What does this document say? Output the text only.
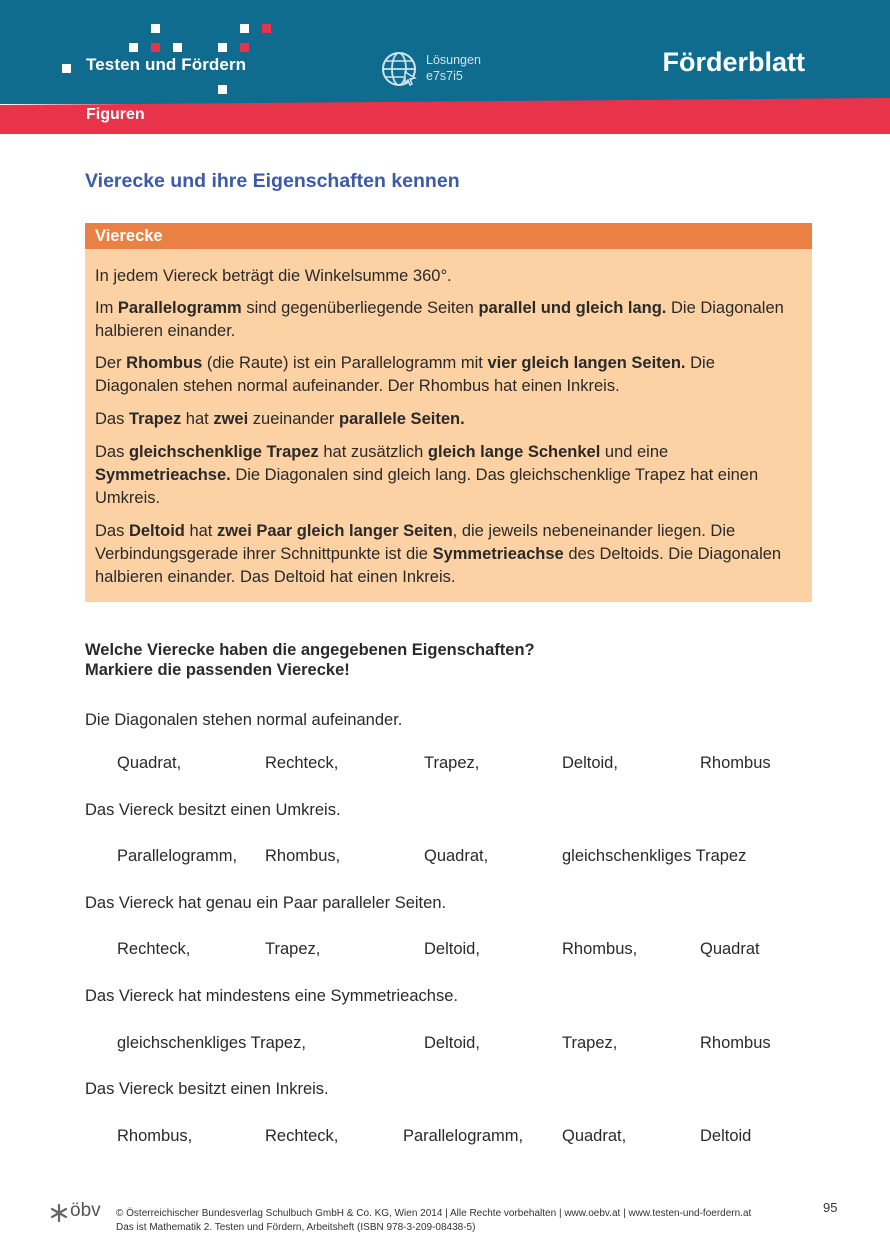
Testen und Fördern	Lösungen
e7s7i5	Förderblatt
Figuren
Vierecke und ihre Eigenschaften kennen
Vierecke
In jedem Viereck beträgt die Winkelsumme 360°.
Im Parallelogramm sind gegenüberliegende Seiten parallel und gleich lang. Die Diagonalen halbieren einander.
Der Rhombus (die Raute) ist ein Parallelogramm mit vier gleich langen Seiten. Die Diagonalen stehen normal aufeinander. Der Rhombus hat einen Inkreis.
Das Trapez hat zwei zueinander parallele Seiten.
Das gleichschenklige Trapez hat zusätzlich gleich lange Schenkel und eine Symmetrieachse. Die Diagonalen sind gleich lang. Das gleichschenklige Trapez hat einen Umkreis.
Das Deltoid hat zwei Paar gleich langer Seiten, die jeweils nebeneinander liegen. Die Verbindungsgerade ihrer Schnittpunkte ist die Symmetrieachse des Deltoids. Die Diagonalen halbieren einander. Das Deltoid hat einen Inkreis.
Welche Vierecke haben die angegebenen Eigenschaften?
Markiere die passenden Vierecke!
Die Diagonalen stehen normal aufeinander.
Quadrat,	Rechteck,	Trapez,	Deltoid,	Rhombus
Das Viereck besitzt einen Umkreis.
Parallelogramm, Rhombus,	Quadrat,	gleichschenkliges Trapez
Das Viereck hat genau ein Paar paralleler Seiten.
Rechteck,	Trapez,	Deltoid,	Rhombus,	Quadrat
Das Viereck hat mindestens eine Symmetrieachse.
gleichschenkliges Trapez,	Deltoid,	Trapez,	Rhombus
Das Viereck besitzt einen Inkreis.
Rhombus,	Rechteck,	Parallelogramm, Quadrat,	Deltoid
öbv © Österreichischer Bundesverlag Schulbuch GmbH & Co. KG, Wien 2014 | Alle Rechte vorbehalten | www.oebv.at | www.testen-und-foerdern.at
Das ist Mathematik 2. Testen und Fördern, Arbeitsheft (ISBN 978-3-209-08438-5)
95
